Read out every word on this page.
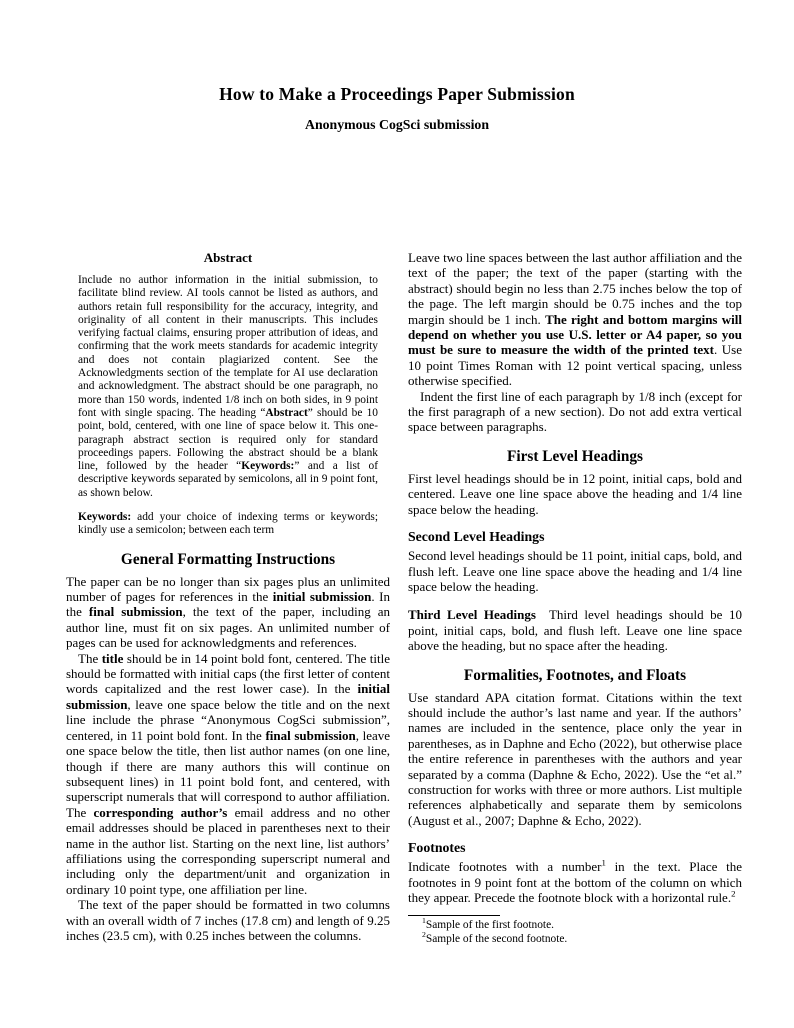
How to Make a Proceedings Paper Submission
Anonymous CogSci submission
Abstract

Include no author information in the initial submission, to facilitate blind review. AI tools cannot be listed as authors, and authors retain full responsibility for the accuracy, integrity, and originality of all content in their manuscripts. This includes verifying factual claims, ensuring proper attribution of ideas, and confirming that the work meets standards for academic integrity and does not contain plagiarized content. See the Acknowledgments section of the template for AI use declaration and acknowledgment. The abstract should be one paragraph, no more than 150 words, indented 1/8 inch on both sides, in 9 point font with single spacing. The heading “Abstract” should be 10 point, bold, centered, with one line of space below it. This one-paragraph abstract section is required only for standard proceedings papers. Following the abstract should be a blank line, followed by the header “Keywords:” and a list of descriptive keywords separated by semicolons, all in 9 point font, as shown below.

Keywords: add your choice of indexing terms or keywords; kindly use a semicolon; between each term

General Formatting Instructions

The paper can be no longer than six pages plus an unlimited number of pages for references in the initial submission. In the final submission, the text of the paper, including an author line, must fit on six pages. An unlimited number of pages can be used for acknowledgments and references.

The title should be in 14 point bold font, centered. The title should be formatted with initial caps (the first letter of content words capitalized and the rest lower case). In the initial submission, leave one space below the title and on the next line include the phrase “Anonymous CogSci submission”, centered, in 11 point bold font. In the final submission, leave one space below the title, then list author names (on one line, though if there are many authors this will continue on subsequent lines) in 11 point bold font, and centered, with superscript numerals that will correspond to author affiliation. The corresponding author’s email address and no other email addresses should be placed in parentheses next to their name in the author list. Starting on the next line, list authors’ affiliations using the corresponding superscript numeral and including only the department/unit and organization in ordinary 10 point type, one affiliation per line.

The text of the paper should be formatted in two columns with an overall width of 7 inches (17.8 cm) and length of 9.25 inches (23.5 cm), with 0.25 inches between the columns.

Leave two line spaces between the last author affiliation and the text of the paper; the text of the paper (starting with the abstract) should begin no less than 2.75 inches below the top of the page. The left margin should be 0.75 inches and the top margin should be 1 inch. The right and bottom margins will depend on whether you use U.S. letter or A4 paper, so you must be sure to measure the width of the printed text. Use 10 point Times Roman with 12 point vertical spacing, unless otherwise specified.

Indent the first line of each paragraph by 1/8 inch (except for the first paragraph of a new section). Do not add extra vertical space between paragraphs.

First Level Headings

First level headings should be in 12 point, initial caps, bold and centered. Leave one line space above the heading and 1/4 line space below the heading.

Second Level Headings

Second level headings should be 11 point, initial caps, bold, and flush left. Leave one line space above the heading and 1/4 line space below the heading.

Third Level Headings Third level headings should be 10 point, initial caps, bold, and flush left. Leave one line space above the heading, but no space after the heading.

Formalities, Footnotes, and Floats

Use standard APA citation format. Citations within the text should include the author’s last name and year. If the authors’ names are included in the sentence, place only the year in parentheses, as in Daphne and Echo (2022), but otherwise place the entire reference in parentheses with the authors and year separated by a comma (Daphne & Echo, 2022). Use the “et al.” construction for works with three or more authors. List multiple references alphabetically and separate them by semicolons (August et al., 2007; Daphne & Echo, 2022).

Footnotes

Indicate footnotes with a number$^1$ in the text. Place the footnotes in 9 point font at the bottom of the column on which they appear. Precede the footnote block with a horizontal rule.$^2$

$^1$Sample of the first footnote.

$^2$Sample of the second footnote.
